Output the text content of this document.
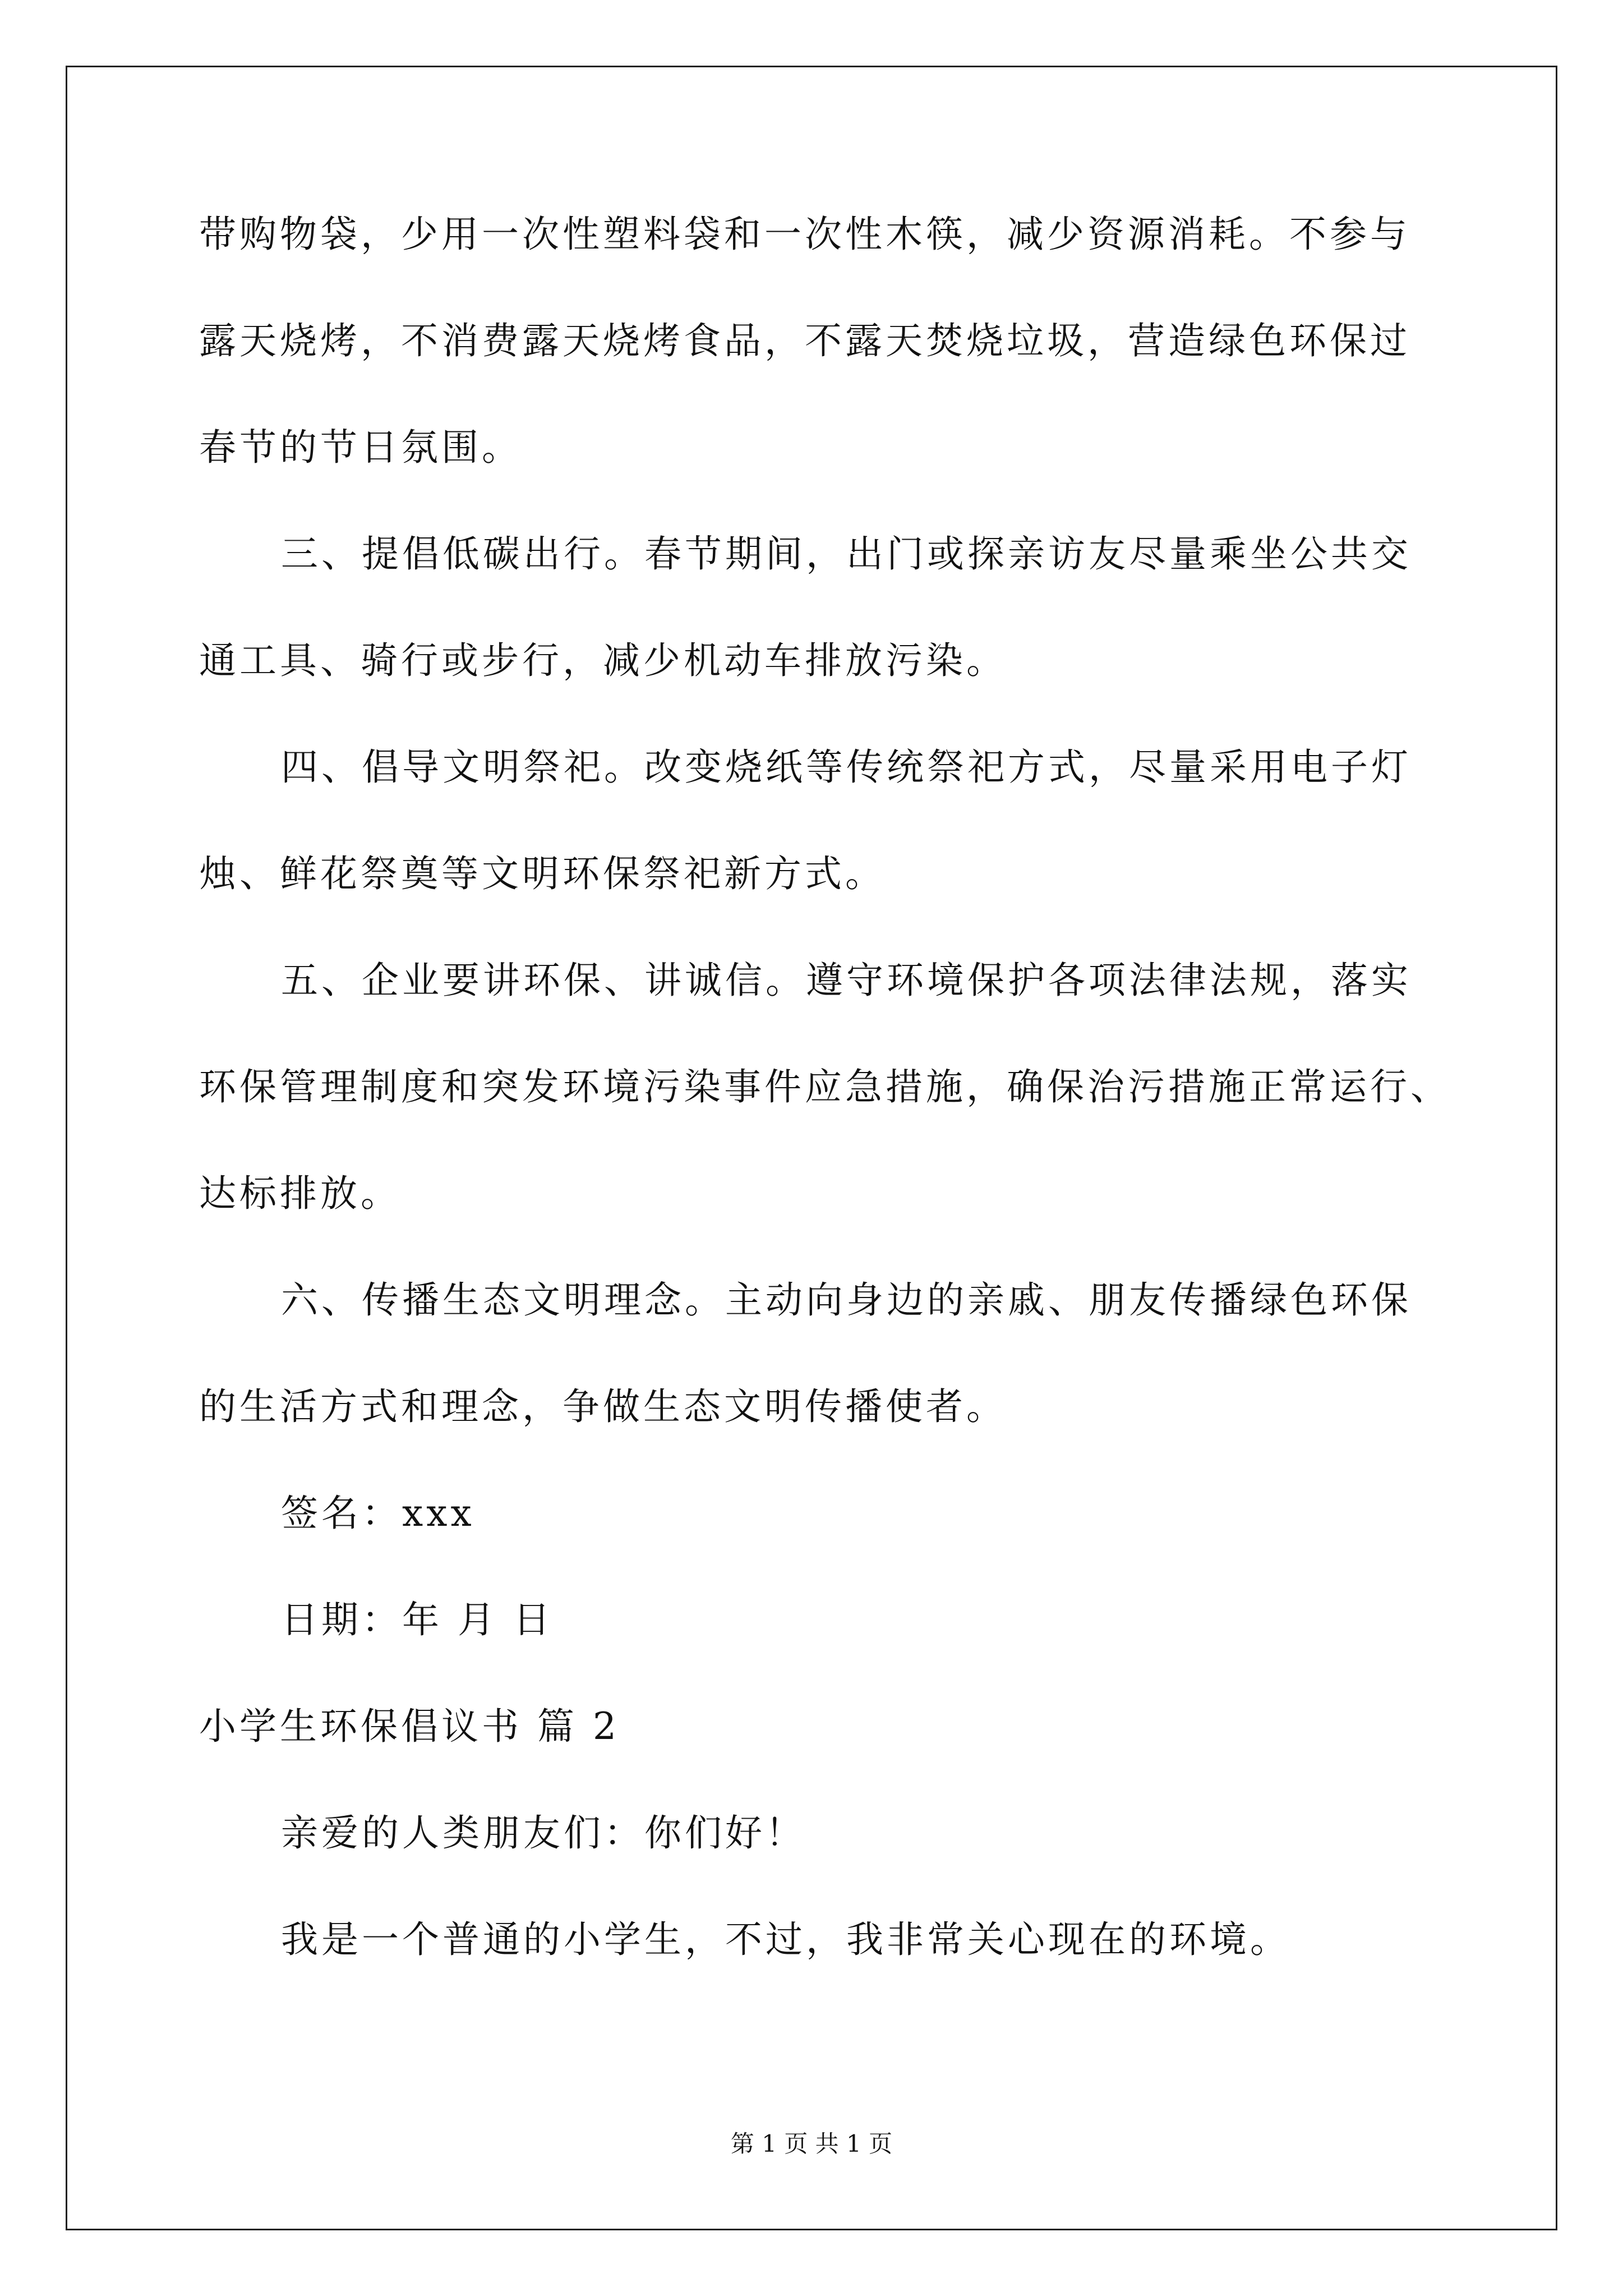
带购物袋，少用一次性塑料袋和一次性木筷，减少资源消耗。不参与
露天烧烤，不消费露天烧烤食品，不露天焚烧垃圾，营造绿色环保过
春节的节日氛围。
三、提倡低碳出行。春节期间，出门或探亲访友尽量乘坐公共交
通工具、骑行或步行，减少机动车排放污染。
四、倡导文明祭祀。改变烧纸等传统祭祀方式，尽量采用电子灯
烛、鲜花祭奠等文明环保祭祀新方式。
五、企业要讲环保、讲诚信。遵守环境保护各项法律法规，落实
环保管理制度和突发环境污染事件应急措施，确保治污措施正常运行、
达标排放。
六、传播生态文明理念。主动向身边的亲戚、朋友传播绿色环保
的生活方式和理念，争做生态文明传播使者。
签名：xxx
日期：年 月 日
小学生环保倡议书 篇 2
亲爱的人类朋友们：你们好！
我是一个普通的小学生，不过，我非常关心现在的环境。
第 1 页 共 1 页
